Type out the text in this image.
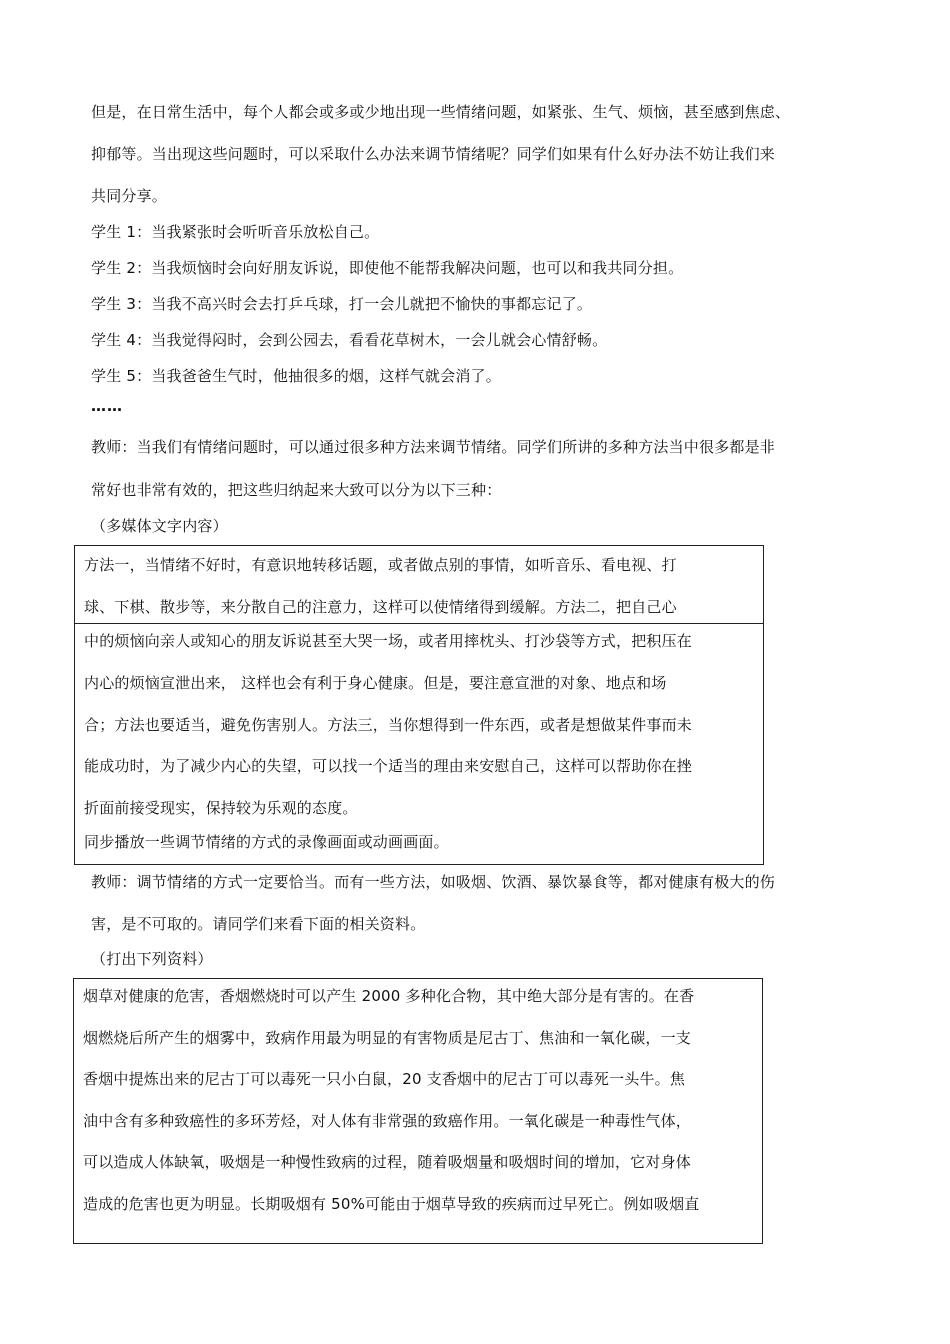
但是，在日常生活中，每个人都会或多或少地出现一些情绪问题，如紧张、生气、烦恼，甚至感到焦虑、
抑郁等。当出现这些问题时，可以采取什么办法来调节情绪呢？同学们如果有什么好办法不妨让我们来
共同分享。
学生 1：当我紧张时会听听音乐放松自己。
学生 2：当我烦恼时会向好朋友诉说，即使他不能帮我解决问题，也可以和我共同分担。
学生 3：当我不高兴时会去打乒乓球，打一会儿就把不愉快的事都忘记了。
学生 4：当我觉得闷时，会到公园去，看看花草树木，一会儿就会心情舒畅。
学生 5：当我爸爸生气时，他抽很多的烟，这样气就会消了。
……
教师：当我们有情绪问题时，可以通过很多种方法来调节情绪。同学们所讲的多种方法当中很多都是非
常好也非常有效的，把这些归纳起来大致可以分为以下三种：
（多媒体文字内容）
方法一，当情绪不好时，有意识地转移话题，或者做点别的事情，如听音乐、看电视、打
球、下棋、散步等，来分散自己的注意力，这样可以使情绪得到缓解。方法二，把自己心
中的烦恼向亲人或知心的朋友诉说甚至大哭一场，或者用摔枕头、打沙袋等方式，把积压在
内心的烦恼宣泄出来， 这样也会有利于身心健康。但是，要注意宣泄的对象、地点和场
合；方法也要适当，避免伤害别人。方法三，当你想得到一件东西，或者是想做某件事而未
能成功时，为了减少内心的失望，可以找一个适当的理由来安慰自己，这样可以帮助你在挫
折面前接受现实，保持较为乐观的态度。
同步播放一些调节情绪的方式的录像画面或动画画面。
教师：调节情绪的方式一定要恰当。而有一些方法，如吸烟、饮酒、暴饮暴食等，都对健康有极大的伤
害，是不可取的。请同学们来看下面的相关资料。
（打出下列资料）
烟草对健康的危害，香烟燃烧时可以产生 2000 多种化合物，其中绝大部分是有害的。在香
烟燃烧后所产生的烟雾中，致病作用最为明显的有害物质是尼古丁、焦油和一氧化碳，一支
香烟中提炼出来的尼古丁可以毒死一只小白鼠，20 支香烟中的尼古丁可以毒死一头牛。焦
油中含有多种致癌性的多环芳烃，对人体有非常强的致癌作用。一氧化碳是一种毒性气体，
可以造成人体缺氧，吸烟是一种慢性致病的过程，随着吸烟量和吸烟时间的增加，它对身体
造成的危害也更为明显。长期吸烟有 50%可能由于烟草导致的疾病而过早死亡。例如吸烟直
